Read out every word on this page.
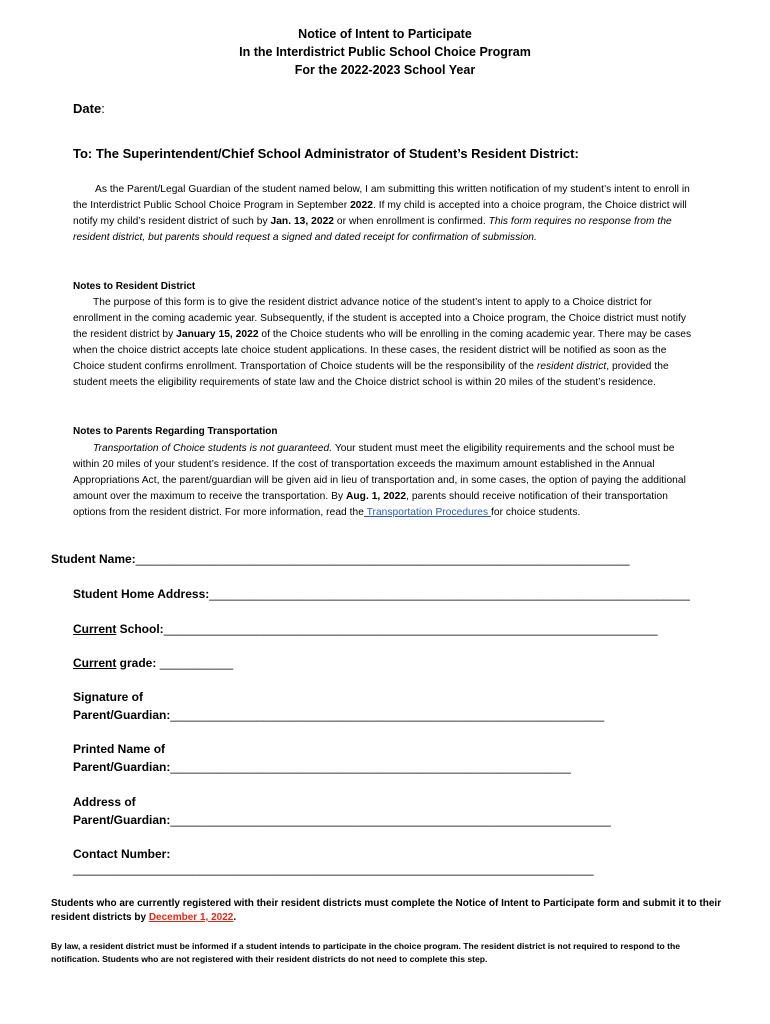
Notice of Intent to Participate
In the Interdistrict Public School Choice Program
For the 2022-2023 School Year
Date:
To: The Superintendent/Chief School Administrator of Student’s Resident District:
As the Parent/Legal Guardian of the student named below, I am submitting this written notification of my student’s intent to enroll in the Interdistrict Public School Choice Program in September 2022. If my child is accepted into a choice program, the Choice district will notify my child’s resident district of such by Jan. 13, 2022 or when enrollment is confirmed. This form requires no response from the resident district, but parents should request a signed and dated receipt for confirmation of submission.
Notes to Resident District
The purpose of this form is to give the resident district advance notice of the student’s intent to apply to a Choice district for enrollment in the coming academic year. Subsequently, if the student is accepted into a Choice program, the Choice district must notify the resident district by January 15, 2022 of the Choice students who will be enrolling in the coming academic year. There may be cases when the choice district accepts late choice student applications. In these cases, the resident district will be notified as soon as the Choice student confirms enrollment. Transportation of Choice students will be the responsibility of the resident district, provided the student meets the eligibility requirements of state law and the Choice district school is within 20 miles of the student’s residence.
Notes to Parents Regarding Transportation
Transportation of Choice students is not guaranteed. Your student must meet the eligibility requirements and the school must be within 20 miles of your student’s residence. If the cost of transportation exceeds the maximum amount established in the Annual Appropriations Act, the parent/guardian will be given aid in lieu of transportation and, in some cases, the option of paying the additional amount over the maximum to receive the transportation. By Aug. 1, 2022, parents should receive notification of their transportation options from the resident district. For more information, read the Transportation Procedures for choice students.
Student Name:__________________________________________________________________________
Student Home Address:________________________________________________________________________
Current School:__________________________________________________________________________
Current grade: ___________
Signature of
Parent/Guardian:_________________________________________________________________
Printed Name of
Parent/Guardian:____________________________________________________________
Address of
Parent/Guardian:__________________________________________________________________
Contact Number:
______________________________________________________________________________
Students who are currently registered with their resident districts must complete the Notice of Intent to Participate form and submit it to their resident districts by December 1, 2022.
By law, a resident district must be informed if a student intends to participate in the choice program. The resident district is not required to respond to the notification. Students who are not registered with their resident districts do not need to complete this step.
